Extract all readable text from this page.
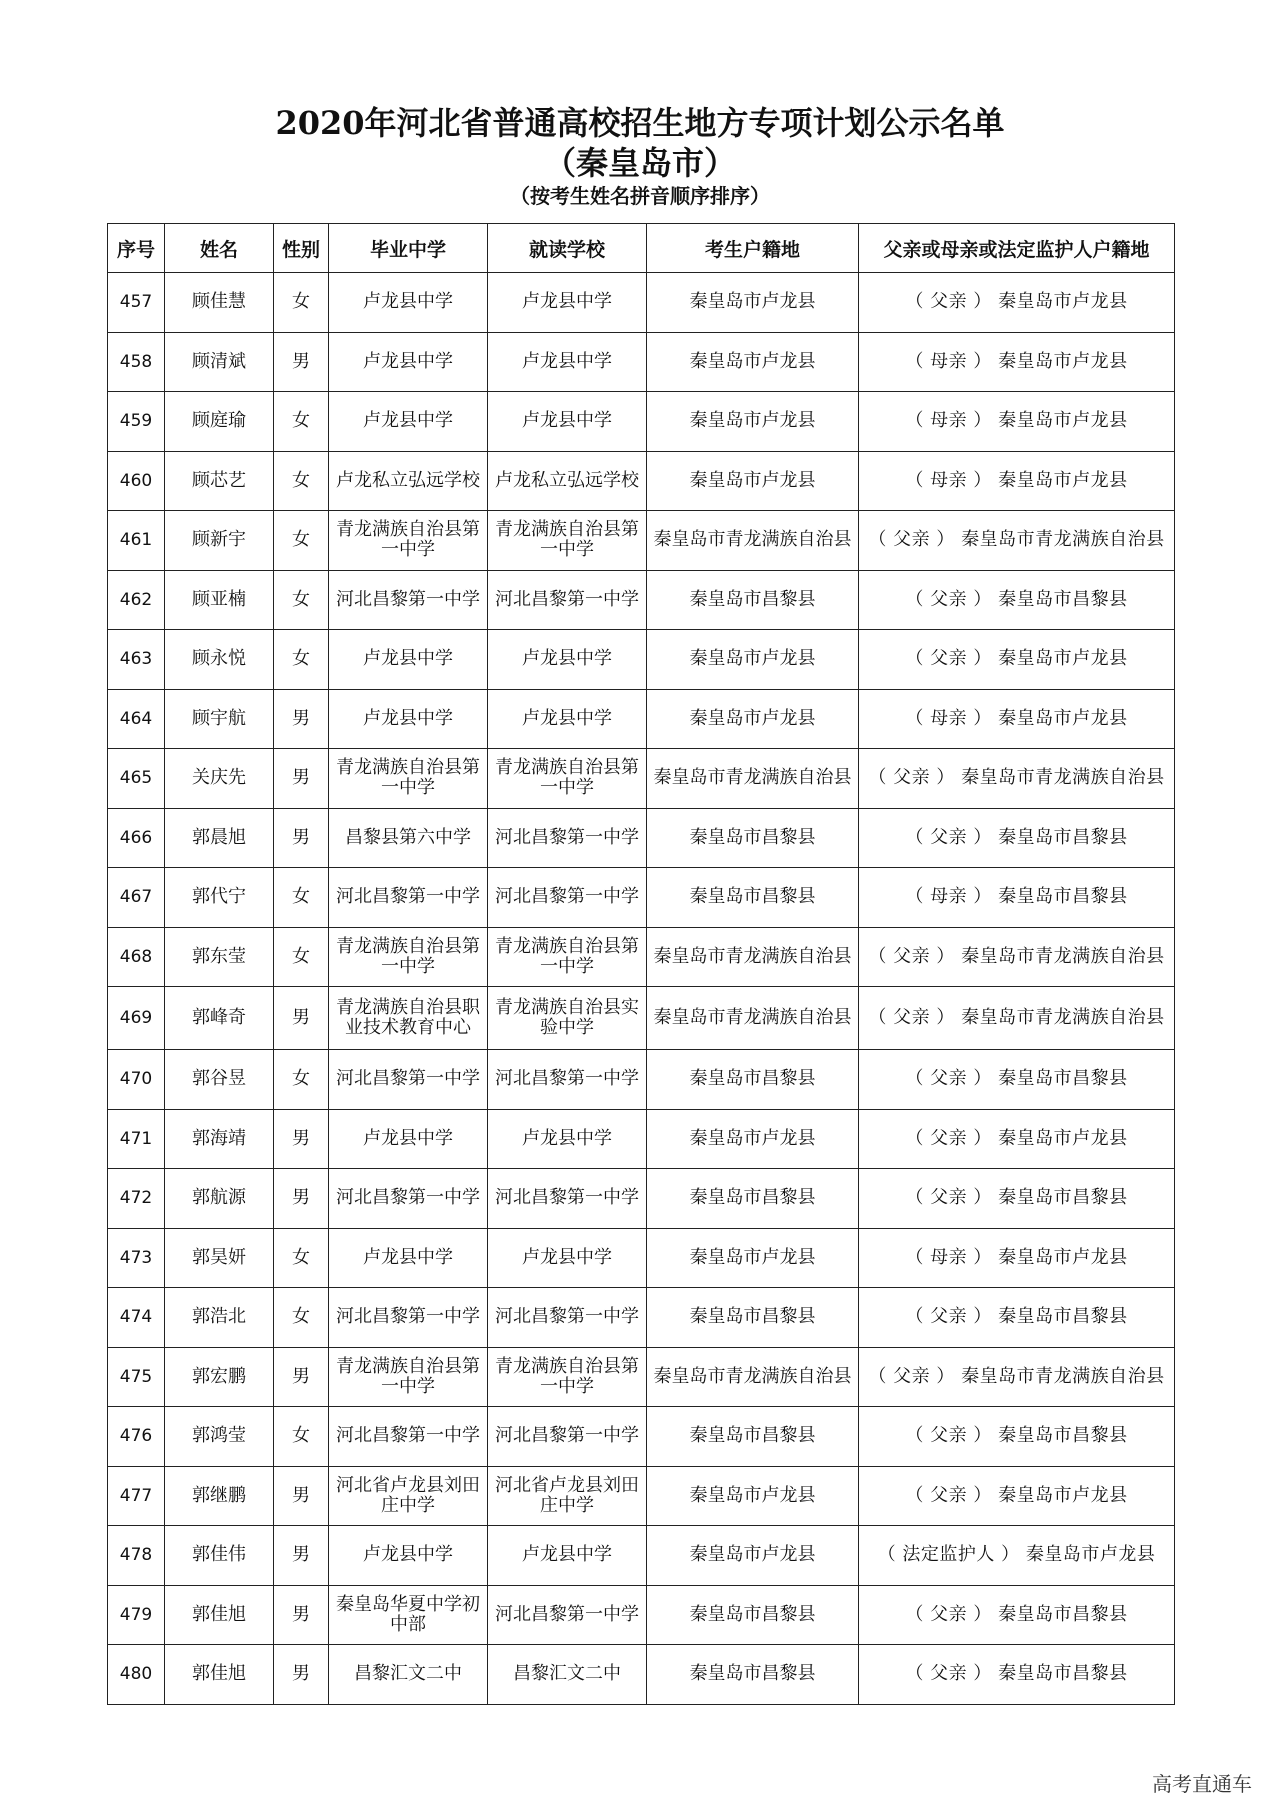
2020年河北省普通高校招生地方专项计划公示名单
（秦皇岛市）
（按考生姓名拼音顺序排序）
序号	姓名	性别	毕业中学	就读学校	考生户籍地	父亲或母亲或法定监护人户籍地
457	顾佳慧	女	卢龙县中学	卢龙县中学	秦皇岛市卢龙县	（ 父亲 ） 秦皇岛市卢龙县
458	顾清斌	男	卢龙县中学	卢龙县中学	秦皇岛市卢龙县	（ 母亲 ） 秦皇岛市卢龙县
459	顾庭瑜	女	卢龙县中学	卢龙县中学	秦皇岛市卢龙县	（ 母亲 ） 秦皇岛市卢龙县
460	顾芯艺	女	卢龙私立弘远学校	卢龙私立弘远学校	秦皇岛市卢龙县	（ 母亲 ） 秦皇岛市卢龙县
461	顾新宇	女	青龙满族自治县第一中学	青龙满族自治县第一中学	秦皇岛市青龙满族自治县	（ 父亲 ） 秦皇岛市青龙满族自治县
462	顾亚楠	女	河北昌黎第一中学	河北昌黎第一中学	秦皇岛市昌黎县	（ 父亲 ） 秦皇岛市昌黎县
463	顾永悦	女	卢龙县中学	卢龙县中学	秦皇岛市卢龙县	（ 父亲 ） 秦皇岛市卢龙县
464	顾宇航	男	卢龙县中学	卢龙县中学	秦皇岛市卢龙县	（ 母亲 ） 秦皇岛市卢龙县
465	关庆先	男	青龙满族自治县第一中学	青龙满族自治县第一中学	秦皇岛市青龙满族自治县	（ 父亲 ） 秦皇岛市青龙满族自治县
466	郭晨旭	男	昌黎县第六中学	河北昌黎第一中学	秦皇岛市昌黎县	（ 父亲 ） 秦皇岛市昌黎县
467	郭代宁	女	河北昌黎第一中学	河北昌黎第一中学	秦皇岛市昌黎县	（ 母亲 ） 秦皇岛市昌黎县
468	郭东莹	女	青龙满族自治县第一中学	青龙满族自治县第一中学	秦皇岛市青龙满族自治县	（ 父亲 ） 秦皇岛市青龙满族自治县
469	郭峰奇	男	青龙满族自治县职业技术教育中心	青龙满族自治县实验中学	秦皇岛市青龙满族自治县	（ 父亲 ） 秦皇岛市青龙满族自治县
470	郭谷昱	女	河北昌黎第一中学	河北昌黎第一中学	秦皇岛市昌黎县	（ 父亲 ） 秦皇岛市昌黎县
471	郭海靖	男	卢龙县中学	卢龙县中学	秦皇岛市卢龙县	（ 父亲 ） 秦皇岛市卢龙县
472	郭航源	男	河北昌黎第一中学	河北昌黎第一中学	秦皇岛市昌黎县	（ 父亲 ） 秦皇岛市昌黎县
473	郭昊妍	女	卢龙县中学	卢龙县中学	秦皇岛市卢龙县	（ 母亲 ） 秦皇岛市卢龙县
474	郭浩北	女	河北昌黎第一中学	河北昌黎第一中学	秦皇岛市昌黎县	（ 父亲 ） 秦皇岛市昌黎县
475	郭宏鹏	男	青龙满族自治县第一中学	青龙满族自治县第一中学	秦皇岛市青龙满族自治县	（ 父亲 ） 秦皇岛市青龙满族自治县
476	郭鸿莹	女	河北昌黎第一中学	河北昌黎第一中学	秦皇岛市昌黎县	（ 父亲 ） 秦皇岛市昌黎县
477	郭继鹏	男	河北省卢龙县刘田庄中学	河北省卢龙县刘田庄中学	秦皇岛市卢龙县	（ 父亲 ） 秦皇岛市卢龙县
478	郭佳伟	男	卢龙县中学	卢龙县中学	秦皇岛市卢龙县	（ 法定监护人 ） 秦皇岛市卢龙县
479	郭佳旭	男	秦皇岛华夏中学初中部	河北昌黎第一中学	秦皇岛市昌黎县	（ 父亲 ） 秦皇岛市昌黎县
480	郭佳旭	男	昌黎汇文二中	昌黎汇文二中	秦皇岛市昌黎县	（ 父亲 ） 秦皇岛市昌黎县
高考直通车
